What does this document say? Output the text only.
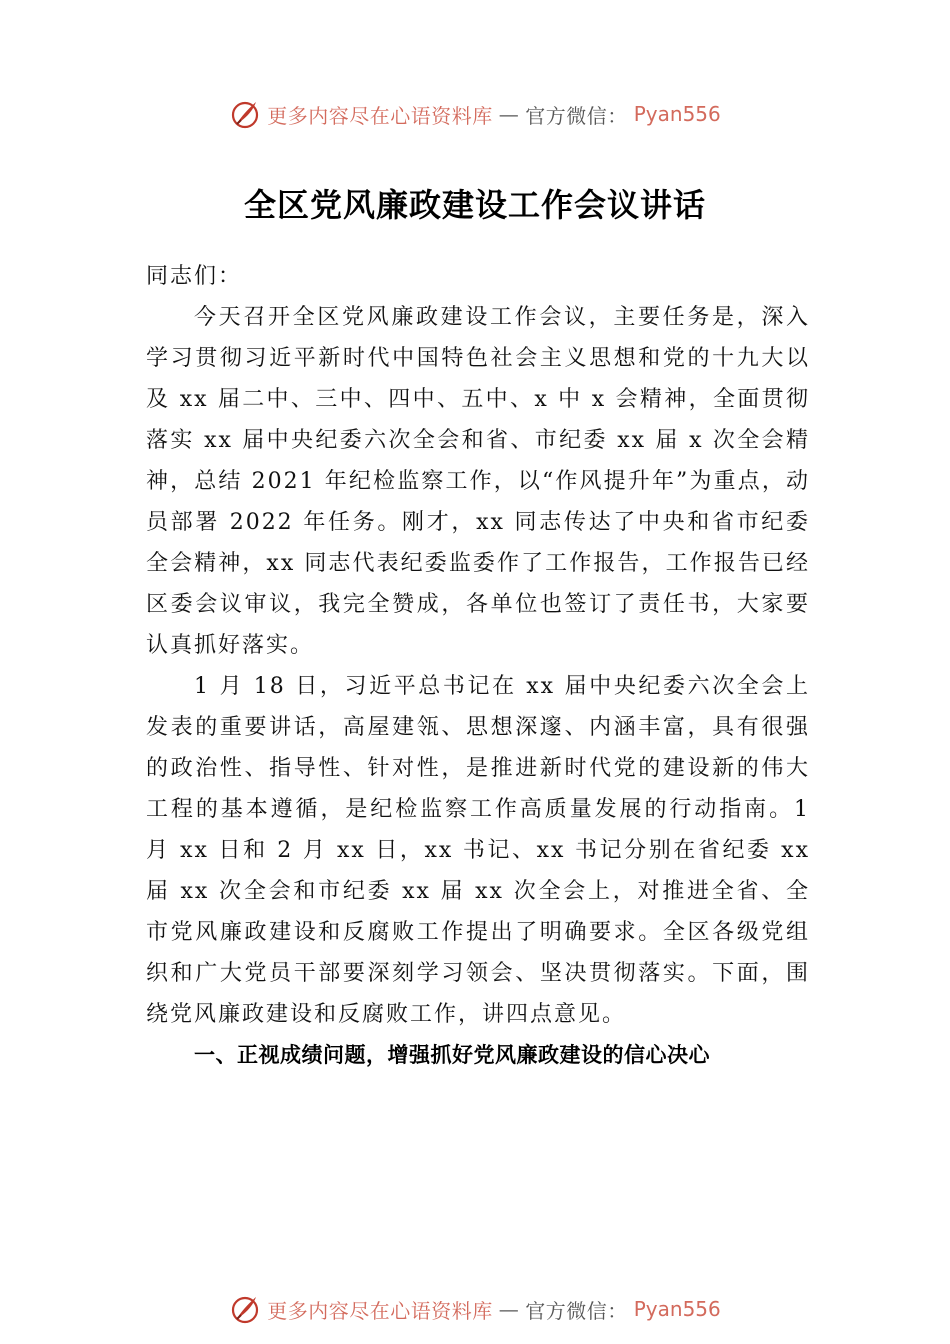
更多内容尽在心语资料库 — 官方微信： Pyan556
全区党风廉政建设工作会议讲话

同志们：

今天召开全区党风廉政建设工作会议，主要任务是，深入学习贯彻习近平新时代中国特色社会主义思想和党的十九大以及 xx 届二中、三中、四中、五中、x 中 x 会精神，全面贯彻落实 xx 届中央纪委六次全会和省、市纪委 xx 届 x 次全会精神，总结 2021 年纪检监察工作，以“作风提升年”为重点，动员部署 2022 年任务。刚才，xx 同志传达了中央和省市纪委全会精神，xx 同志代表纪委监委作了工作报告，工作报告已经区委会议审议，我完全赞成，各单位也签订了责任书，大家要认真抓好落实。

1 月 18 日，习近平总书记在 xx 届中央纪委六次全会上发表的重要讲话，高屋建瓴、思想深邃、内涵丰富，具有很强的政治性、指导性、针对性，是推进新时代党的建设新的伟大工程的基本遵循，是纪检监察工作高质量发展的行动指南。1 月 xx 日和 2 月 xx 日，xx 书记、xx 书记分别在省纪委 xx 届 xx 次全会和市纪委 xx 届 xx 次全会上，对推进全省、全市党风廉政建设和反腐败工作提出了明确要求。全区各级党组织和广大党员干部要深刻学习领会、坚决贯彻落实。下面，围绕党风廉政建设和反腐败工作，讲四点意见。

一、正视成绩问题，增强抓好党风廉政建设的信心决心

更多内容尽在心语资料库 — 官方微信： Pyan556
